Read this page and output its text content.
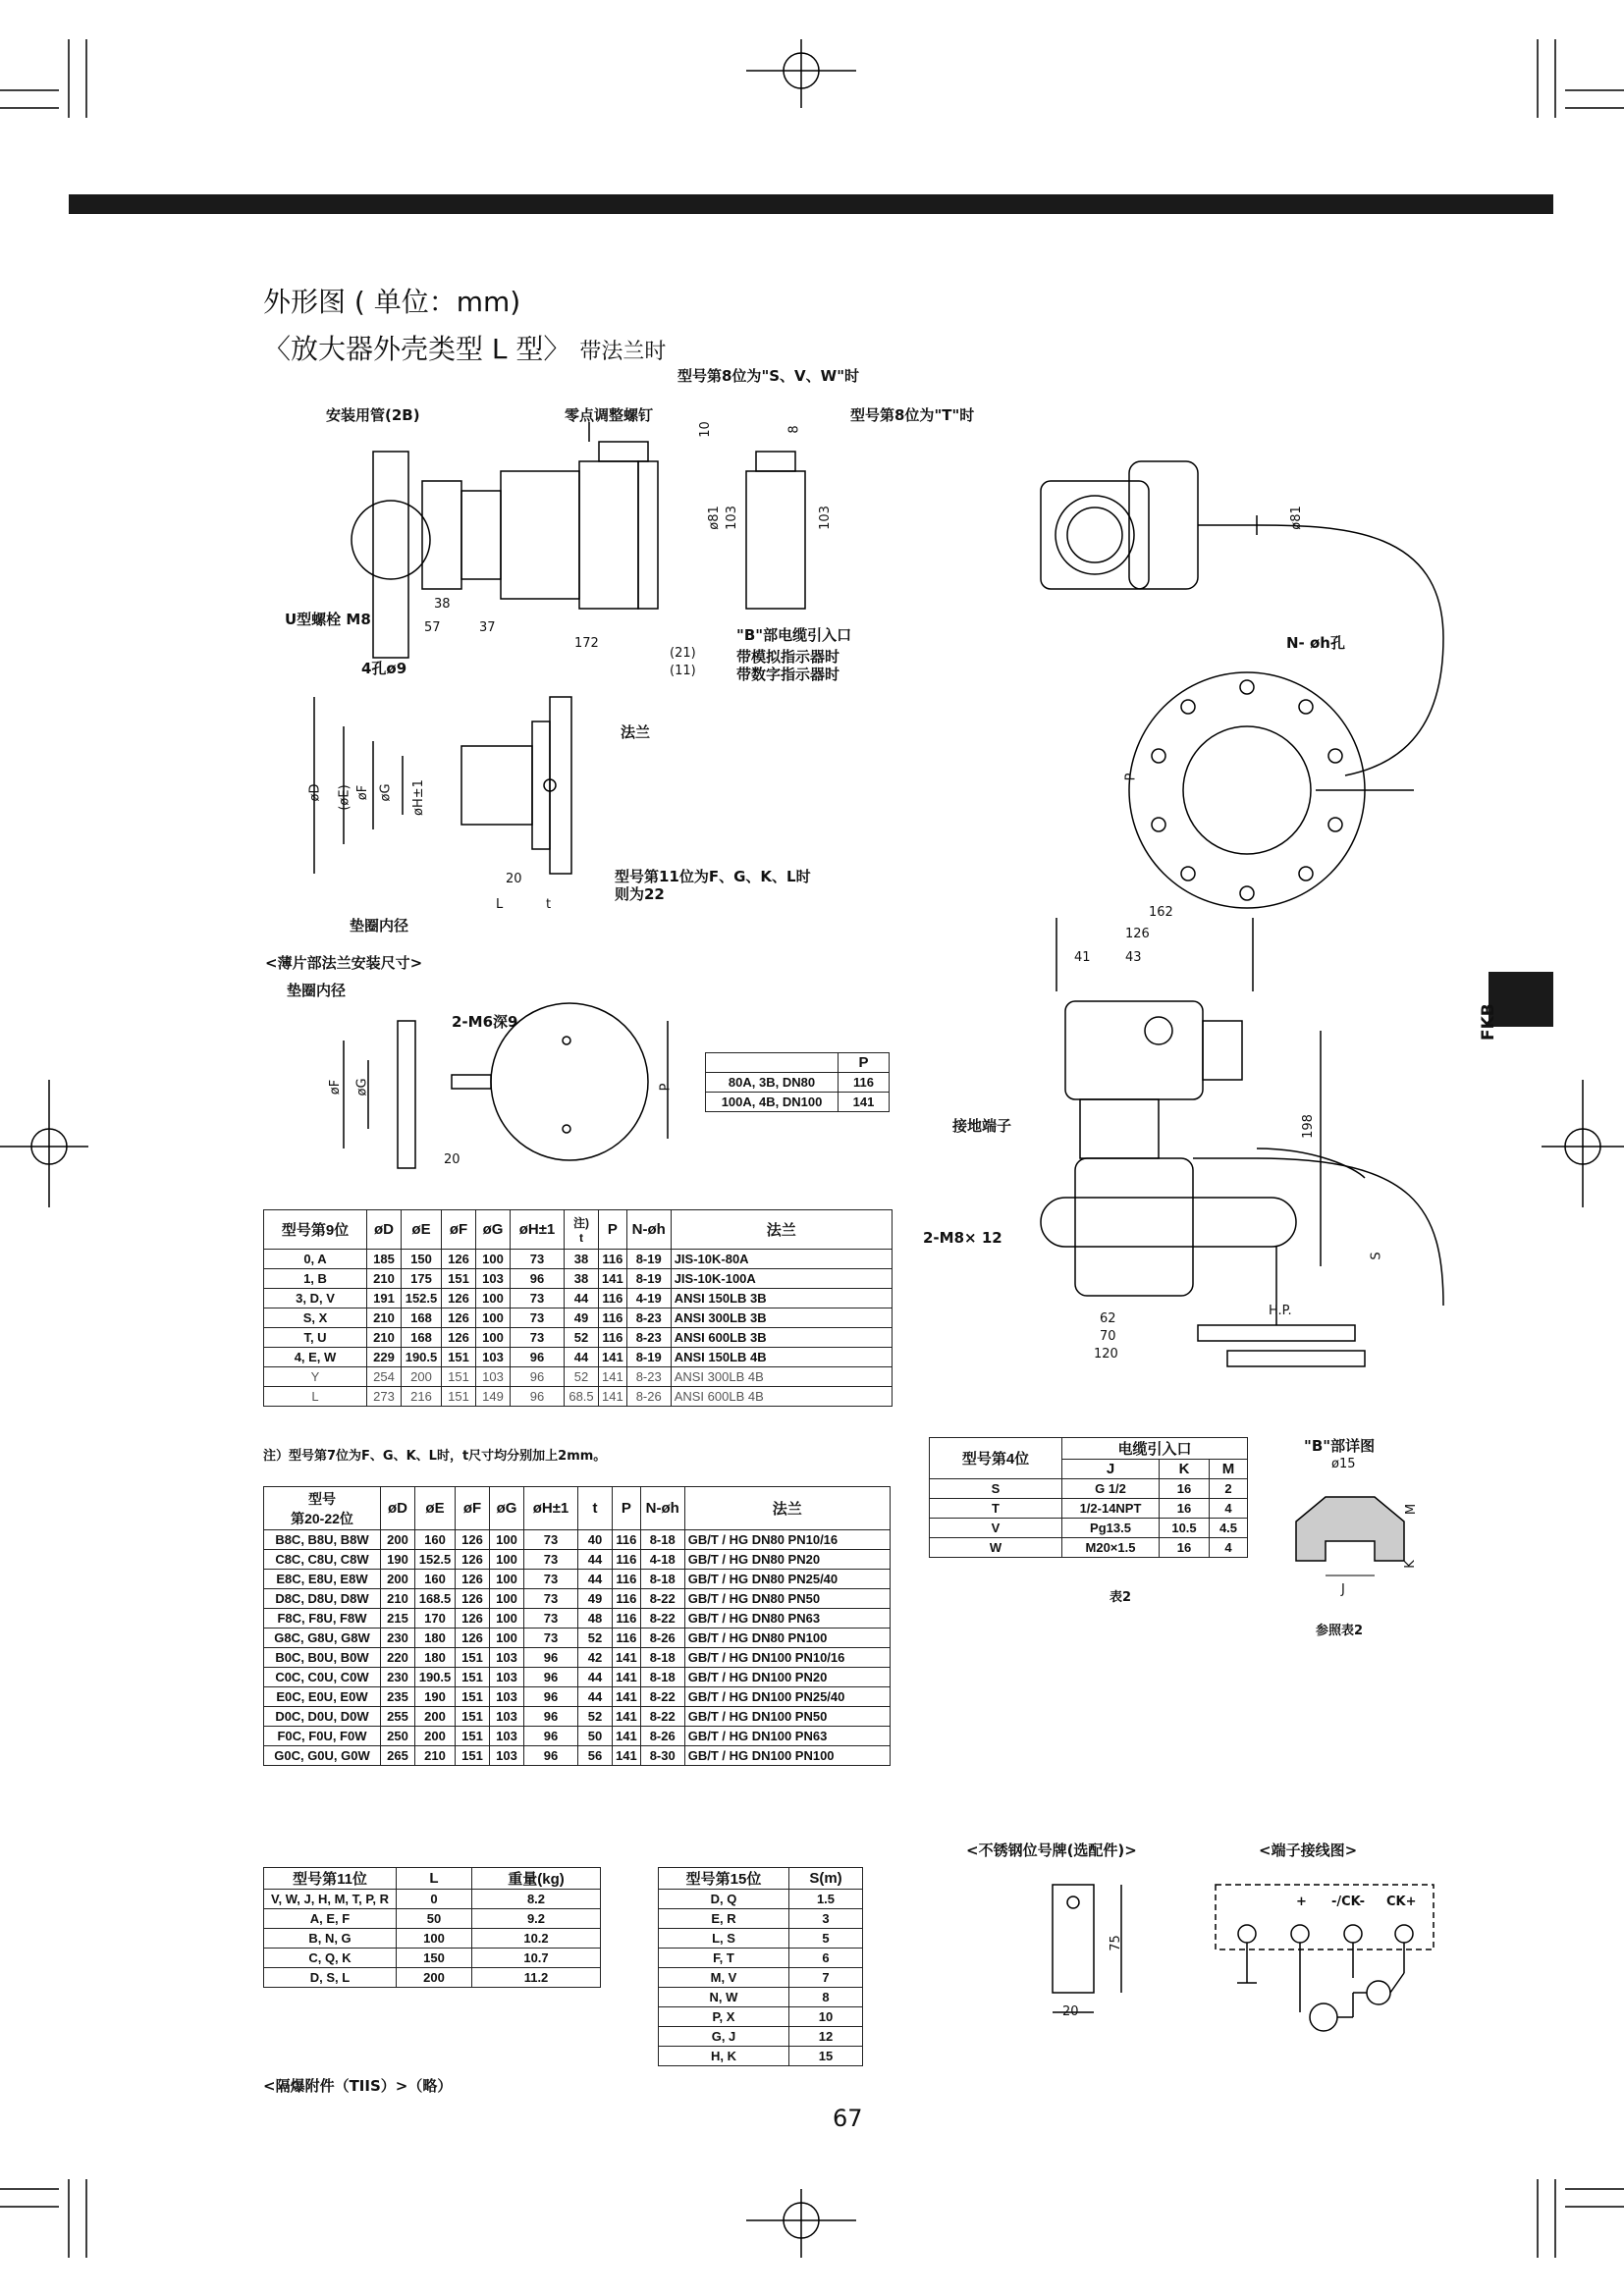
外形图 ( 单位：mm)
〈放大器外壳类型 L 型〉 带法兰时
安装用管(2B)	零点调整螺钉
型号第8位为"S、V、W"时
型号第8位为"T"时
10	8
ø81 103	103
U型螺栓 M8
38
57	37
172
4孔ø9
"B"部电缆引入口
(21)
(11)
带模拟指示器时
带数字指示器时
ø81
N- øh孔
P
法兰
øD (øE) øF øG øH±1
20
L	t
型号第11位为F、G、K、L时
则为22
垫圈内径
<薄片部法兰安装尺寸>
垫圈内径
2-M6深9
øF øG	P
20
	P
80A, 3B, DN80	116
100A, 4B, DN100	141
162
126
41	43
198
接地端子
2-M8× 12
S
62
70
120
H.P.
型号第9位	øD	øE	øF	øG	øH±1	注)
t	P	N-øh	法兰
0, A	185	150	126	100	73	38	116	8-19	JIS-10K-80A
1, B	210	175	151	103	96	38	141	8-19	JIS-10K-100A
3, D, V	191	152.5	126	100	73	44	116	4-19	ANSI 150LB 3B
S, X	210	168	126	100	73	49	116	8-23	ANSI 300LB 3B
T, U	210	168	126	100	73	52	116	8-23	ANSI 600LB 3B
4, E, W	229	190.5	151	103	96	44	141	8-19	ANSI 150LB 4B
Y	254	200	151	103	96	52	141	8-23	ANSI 300LB 4B
L	273	216	151	149	96	68.5	141	8-26	ANSI 600LB 4B
注）型号第7位为F、G、K、L时，t尺寸均分别加上2mm。
型号
第20-22位	øD	øE	øF	øG	øH±1	t	P	N-øh	法兰
B8C, B8U, B8W	200	160	126	100	73	40	116	8-18	GB/T / HG DN80 PN10/16
C8C, C8U, C8W	190	152.5	126	100	73	44	116	4-18	GB/T / HG DN80 PN20
E8C, E8U, E8W	200	160	126	100	73	44	116	8-18	GB/T / HG DN80 PN25/40
D8C, D8U, D8W	210	168.5	126	100	73	49	116	8-22	GB/T / HG DN80 PN50
F8C, F8U, F8W	215	170	126	100	73	48	116	8-22	GB/T / HG DN80 PN63
G8C, G8U, G8W	230	180	126	100	73	52	116	8-26	GB/T / HG DN80 PN100
B0C, B0U, B0W	220	180	151	103	96	42	141	8-18	GB/T / HG DN100 PN10/16
C0C, C0U, C0W	230	190.5	151	103	96	44	141	8-18	GB/T / HG DN100 PN20
E0C, E0U, E0W	235	190	151	103	96	44	141	8-22	GB/T / HG DN100 PN25/40
D0C, D0U, D0W	255	200	151	103	96	52	141	8-22	GB/T / HG DN100 PN50
F0C, F0U, F0W	250	200	151	103	96	50	141	8-26	GB/T / HG DN100 PN63
G0C, G0U, G0W	265	210	151	103	96	56	141	8-30	GB/T / HG DN100 PN100
型号第4位	电缆引入口		
	J	K	M
S	G 1/2	16	2
T	1/2-14NPT	16	4
V	Pg13.5	10.5	4.5
W	M20×1.5	16	4
表2
"B"部详图
ø15
M
K
J
参照表2
型号第11位	L	重量(kg)
V, W, J, H, M, T, P, R	0	8.2
A, E, F	50	9.2
B, N, G	100	10.2
C, Q, K	150	10.7
D, S, L	200	11.2
型号第15位	S(m)
D, Q	1.5
E, R	3
L, S	5
F, T	6
M, V	7
N, W	8
P, X	10
G, J	12
H, K	15
<不锈钢位号牌(选配件)>
75
20
<端子接线图>
+ -/CK- CK+
<隔爆附件（TIIS）>（略）
FKB
67
